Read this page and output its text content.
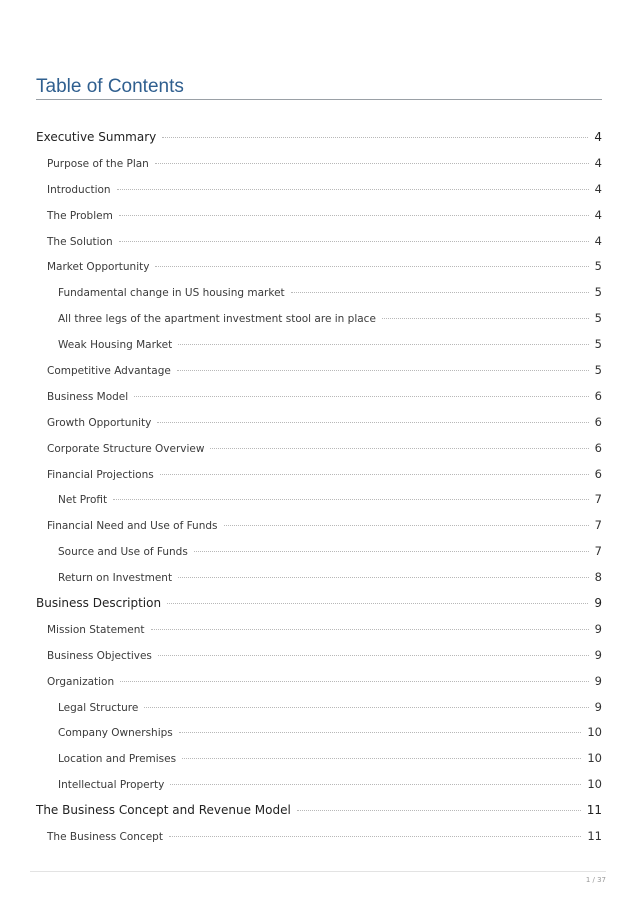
Table of Contents
Executive Summary	4
Purpose of the Plan	4
Introduction	4
The Problem	4
The Solution	4
Market Opportunity	5
Fundamental change in US housing market	5
All three legs of the apartment investment stool are in place	5
Weak Housing Market	5
Competitive Advantage	5
Business Model	6
Growth Opportunity	6
Corporate Structure Overview	6
Financial Projections	6
Net Profit	7
Financial Need and Use of Funds	7
Source and Use of Funds	7
Return on Investment	8
Business Description	9
Mission Statement	9
Business Objectives	9
Organization	9
Legal Structure	9
Company Ownerships	10
Location and Premises	10
Intellectual Property	10
The Business Concept and Revenue Model	11
The Business Concept	11
1 / 37
